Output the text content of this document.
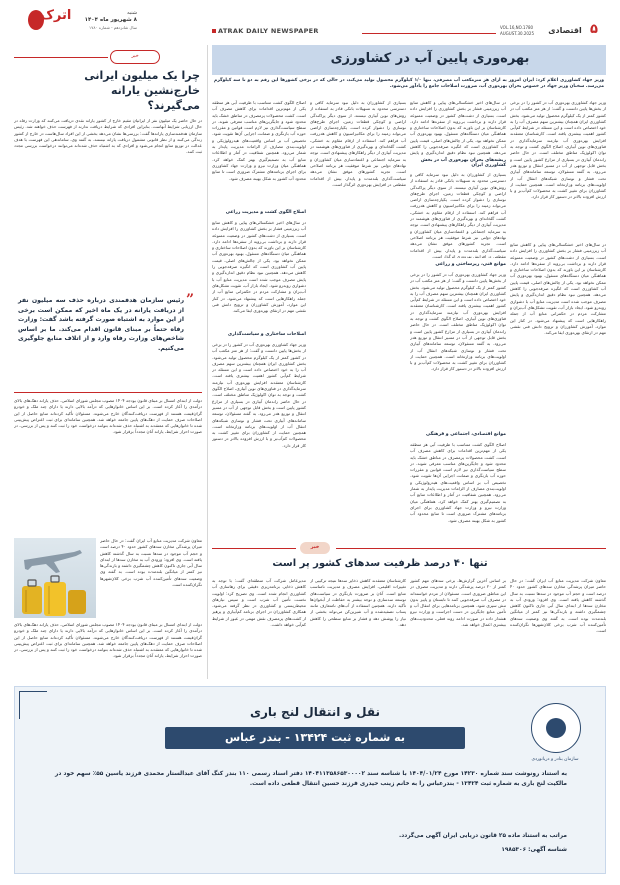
۵
اقتصادی
VOL.16,NO.1780
AUGUST.30.2025
ATRAK DAILY NEWSPAPER
اترک	شنبه
۸ شهریور ماه ۱۴۰۴
سال شانزدهم - شماره ۱۷۸۰
بهره‌وری پایین آب در کشاورزی
وزیر جهاد کشاورزی اعلام کرد: ایران امروز به ازای هر مترمکعب آب مصرفی، تنها ۱/۰ کیلوگرم محصول تولید می‌کند، در حالی که در برخی کشورها این رقم به دو تا سه کیلوگرم می‌رسد. سخنان وزیر جهاد در خصوص بحران بهره‌وری آب، ضرورت اصلاحات جامع را یادآور می‌شود.
وزیر جهاد کشاورزی بهره‌وری آب در کشور را در برخی از بخش‌ها پایین دانست و گفت: از هر متر مکعب آب در کشور کمتر از یک کیلوگرم محصول تولید می‌شود. بخش کشاورزی ایران همچنان بیشترین سهم مصرف آب را به خود اختصاص داده است و این مسئله در شرایط کم‌آبی کشور اهمیت بیشتری یافته است. کارشناسان معتقدند افزایش بهره‌وری آب نیازمند سرمایه‌گذاری در فناوری‌های نوین آبیاری، اصلاح الگوی کشت و توجه به توان اکولوژیک مناطق مختلف است. در حال حاضر راندمان آبیاری در بسیاری از مزارع کشور پایین است و بخش قابل توجهی از آب در مسیر انتقال و توزیع هدر می‌رود. به گفته مسئولان، توسعه سامانه‌های آبیاری تحت فشار و نوسازی شبکه‌های انتقال آب از اولویت‌های برنامه وزارتخانه است. همچنین حمایت از کشاورزان برای تغییر کشت به محصولات کم‌آب‌بر و با ارزش افزوده بالاتر در دستور کار قرار دارد.
در سال‌های اخیر خشکسالی‌های پیاپی و کاهش منابع آب زیرزمینی فشار بر بخش کشاورزی را افزایش داده است. بسیاری از دشت‌های کشور در وضعیت ممنوعه قرار دارند و برداشت بی‌رویه از سفره‌ها ادامه دارد. کارشناسان بر این باورند که بدون اصلاحات ساختاری و هماهنگی میان دستگاه‌های مسئول، بهبود بهره‌وری آب ممکن نخواهد بود. یکی از چالش‌های اصلی، قیمت پایین آب کشاورزی است که انگیزه صرفه‌جویی را کاهش می‌دهد. همچنین نبود نظام دقیق اندازه‌گیری و پایش مصرف موجب شده است مدیریت منابع آب با دشواری روبه‌رو شود. ایجاد بازار آب، تقویت تشکل‌های آب‌بران و مشارکت مردم در حکمرانی منابع آب از جمله راهکارهایی است که پیشنهاد می‌شود. در کنار این موارد، آموزش کشاورزان و ترویج دانش فنی نقشی مهم در ارتقای بهره‌وری ایفا می‌کند.
در سال‌های اخیر خشکسالی‌های پیاپی و کاهش منابع آب زیرزمینی فشار بر بخش کشاورزی را افزایش داده است. بسیاری از دشت‌های کشور در وضعیت ممنوعه قرار دارند و برداشت بی‌رویه از سفره‌ها ادامه دارد. کارشناسان بر این باورند که بدون اصلاحات ساختاری و هماهنگی میان دستگاه‌های مسئول، بهبود بهره‌وری آب ممکن نخواهد بود. یکی از چالش‌های اصلی، قیمت پایین آب کشاورزی است که انگیزه صرفه‌جویی را کاهش می‌دهد. همچنین نبود نظام دقیق اندازه‌گیری و پایش
ریشه‌های بحران بهره‌وری آب در بخش کشاورزی ایران
بسیاری از کشاورزان به دلیل نبود سرمایه کافی و دسترسی محدود به تسهیلات بانکی قادر به استفاده از روش‌های نوین آبیاری نیستند. از سوی دیگر پراکندگی اراضی و کوچکی قطعات زمین، اجرای طرح‌های نوسازی را دشوار کرده است. یکپارچه‌سازی اراضی می‌تواند زمینه را برای مکانیزاسیون و کاهش هدررفت آب فراهم کند. استفاده از ارقام مقاوم به خشکی، کشت گلخانه‌ای و بهره‌گیری از فناوری‌های هوشمند در مدیریت آبیاری از دیگر راهکارهای پیشنهادی است. توجه به سرمایه اجتماعی و اعتمادسازی میان کشاورزان و نهادهای دولتی نیز شرط موفقیت هر برنامه اصلاحی است. تجربه کشورهای موفق نشان می‌دهد سیاست‌گذاری بلندمدت و پایدار، بیش از اقدامات مقطعی در افزایش بهره‌وری اثرگذار است.
موانع فنی، زیرساختی و زراعی
وزیر جهاد کشاورزی بهره‌وری آب در کشور را در برخی از بخش‌ها پایین دانست و گفت: از هر متر مکعب آب در کشور کمتر از یک کیلوگرم محصول تولید می‌شود. بخش کشاورزی ایران همچنان بیشترین سهم مصرف آب را به خود اختصاص داده است و این مسئله در شرایط کم‌آبی کشور اهمیت بیشتری یافته است. کارشناسان معتقدند افزایش بهره‌وری آب نیازمند سرمایه‌گذاری در فناوری‌های نوین آبیاری، اصلاح الگوی کشت و توجه به توان اکولوژیک مناطق مختلف است. در حال حاضر راندمان آبیاری در بسیاری از مزارع کشور پایین است و بخش قابل توجهی از آب در مسیر انتقال و توزیع هدر می‌رود. به گفته مسئولان، توسعه سامانه‌های آبیاری تحت فشار و نوسازی شبکه‌های انتقال آب از اولویت‌های برنامه وزارتخانه است. همچنین حمایت از کشاورزان برای تغییر کشت به محصولات کم‌آب‌بر و با ارزش افزوده بالاتر در دستور کار قرار دارد.
موانع اقتصادی، اجتماعی و فرهنگی
اصلاح الگوی کشت متناسب با ظرفیت آبی هر منطقه یکی از مهم‌ترین اقدامات برای کاهش مصرف آب است. کشت محصولات پرمصرف در مناطق خشک باید محدود شود و جایگزین‌های مناسب معرفی شوند. در سطح سیاست‌گذاری نیز لازم است قوانین و مقررات حوزه آب بازنگری و ضمانت اجرایی آن‌ها تقویت شود. تخصیص آب بر اساس واقعیت‌های هیدرولوژیکی و اولویت‌بندی مصارف از الزامات مدیریت پایدار به شمار می‌رود. همچنین شفافیت در آمار و اطلاعات منابع آب به تصمیم‌گیری بهتر کمک خواهد کرد. هماهنگی میان وزارت نیرو و وزارت جهاد کشاورزی برای اجرای برنامه‌های مشترک ضروری است تا منابع محدود آب کشور به شکل بهینه مصرف شود.
بسیاری از کشاورزان به دلیل نبود سرمایه کافی و دسترسی محدود به تسهیلات بانکی قادر به استفاده از روش‌های نوین آبیاری نیستند. از سوی دیگر پراکندگی اراضی و کوچکی قطعات زمین، اجرای طرح‌های نوسازی را دشوار کرده است. یکپارچه‌سازی اراضی می‌تواند زمینه را برای مکانیزاسیون و کاهش هدررفت آب فراهم کند. استفاده از ارقام مقاوم به خشکی، کشت گلخانه‌ای و بهره‌گیری از فناوری‌های هوشمند در مدیریت آبیاری از دیگر راهکارهای پیشنهادی است. توجه به سرمایه اجتماعی و اعتمادسازی میان کشاورزان و نهادهای دولتی نیز شرط موفقیت هر برنامه اصلاحی است. تجربه کشورهای موفق نشان می‌دهد سیاست‌گذاری بلندمدت و پایدار، بیش از اقدامات مقطعی در افزایش بهره‌وری اثرگذار است.
اصلاح الگوی کشت متناسب با ظرفیت آبی هر منطقه یکی از مهم‌ترین اقدامات برای کاهش مصرف آب است. کشت محصولات پرمصرف در مناطق خشک باید محدود شود و جایگزین‌های مناسب معرفی شوند. در سطح سیاست‌گذاری نیز لازم است قوانین و مقررات حوزه آب بازنگری و ضمانت اجرایی آن‌ها تقویت شود. تخصیص آب بر اساس واقعیت‌های هیدرولوژیکی و اولویت‌بندی مصارف از الزامات مدیریت پایدار به شمار می‌رود. همچنین شفافیت در آمار و اطلاعات منابع آب به تصمیم‌گیری بهتر کمک خواهد کرد. هماهنگی میان وزارت نیرو و وزارت جهاد کشاورزی برای اجرای برنامه‌های مشترک ضروری است تا منابع محدود آب کشور به شکل بهینه مصرف شود.
اصلاح الگوی کشت و مدیریت زراعی
در سال‌های اخیر خشکسالی‌های پیاپی و کاهش منابع آب زیرزمینی فشار بر بخش کشاورزی را افزایش داده است. بسیاری از دشت‌های کشور در وضعیت ممنوعه قرار دارند و برداشت بی‌رویه از سفره‌ها ادامه دارد. کارشناسان بر این باورند که بدون اصلاحات ساختاری و هماهنگی میان دستگاه‌های مسئول، بهبود بهره‌وری آب ممکن نخواهد بود. یکی از چالش‌های اصلی، قیمت پایین آب کشاورزی است که انگیزه صرفه‌جویی را کاهش می‌دهد. همچنین نبود نظام دقیق اندازه‌گیری و پایش مصرف موجب شده است مدیریت منابع آب با دشواری روبه‌رو شود. ایجاد بازار آب، تقویت تشکل‌های آب‌بران و مشارکت مردم در حکمرانی منابع آب از جمله راهکارهایی است که پیشنهاد می‌شود. در کنار این موارد، آموزش کشاورزان و ترویج دانش فنی نقشی مهم در ارتقای بهره‌وری ایفا می‌کند.
اصلاحات ساختاری و سیاست‌گذاری
وزیر جهاد کشاورزی بهره‌وری آب در کشور را در برخی از بخش‌ها پایین دانست و گفت: از هر متر مکعب آب در کشور کمتر از یک کیلوگرم محصول تولید می‌شود. بخش کشاورزی ایران همچنان بیشترین سهم مصرف آب را به خود اختصاص داده است و این مسئله در شرایط کم‌آبی کشور اهمیت بیشتری یافته است. کارشناسان معتقدند افزایش بهره‌وری آب نیازمند سرمایه‌گذاری در فناوری‌های نوین آبیاری، اصلاح الگوی کشت و توجه به توان اکولوژیک مناطق مختلف است. در حال حاضر راندمان آبیاری در بسیاری از مزارع کشور پایین است و بخش قابل توجهی از آب در مسیر انتقال و توزیع هدر می‌رود. به گفته مسئولان، توسعه سامانه‌های آبیاری تحت فشار و نوسازی شبکه‌های انتقال آب از اولویت‌های برنامه وزارتخانه است. همچنین حمایت از کشاورزان برای تغییر کشت به محصولات کم‌آب‌بر و با ارزش افزوده بالاتر در دستور کار قرار دارد.
خبر
چرا یک میلیون ایرانی خارج‌نشین یارانه می‌گیرند؟
در حال حاضر یک میلیون نفر از ایرانیان مقیم خارج از کشور یارانه نقدی دریافت می‌کنند که وزارت رفاه در حال ارزیابی شرایط آنهاست. بنابراین افرادی که شرایط دریافت ندارند از فهرست حذف خواهند شد. رئیس سازمان هدفمندسازی یارانه‌ها گفت: بررسی‌ها نشان می‌دهد بخشی از این افراد سال‌هاست در خارج از کشور زندگی می‌کنند و از نظر قانونی مشمول دریافت یارانه نیستند. به گفته وی، ساماندهی این فهرست با هدف عدالت در توزیع منابع انجام می‌شود و افرادی که به اشتباه حذف شده‌اند می‌توانند درخواست بررسی مجدد ثبت کنند.
”
رئیس سازمان هدفمندی درباره حذف سه میلیون نفر از دریافت یارانه در یک ماه اخیر که ممکن است برخی از این موارد به اشتباه صورت گرفته باشد گفت: وزارت رفاه حتماً بر مبنای قانون اقدام می‌کند. ما بر اساس شاخص‌های وزارت رفاه وارد و از اتلاف منابع جلوگیری می‌کنیم.
دولت از ابتدای امسال بر مبنای قانون بودجه ۱۴۰۴ مصوب مجلس شورای اسلامی، حذف یارانه دهک‌های بالای درآمدی را آغاز کرده است. بر این اساس خانوارهایی که درآمد بالایی دارند یا دارای چند ملک و خودرو گران‌قیمت هستند از فهرست دریافت‌کنندگان خارج می‌شوند. مسئولان تأکید کرده‌اند منابع حاصل از این اصلاحات صرف حمایت از دهک‌های پایین جامعه خواهد شد. همچنین سامانه‌ای برای ثبت اعتراض پیش‌بینی شده تا خانوارهایی که معتقدند به اشتباه حذف شده‌اند بتوانند درخواست خود را ثبت کنند و پس از بررسی، در صورت احراز شرایط، یارانه آنان مجدداً برقرار شود.
معاون شرکت مدیریت منابع آب ایران گفت: در حال حاضر میزان پرشدگی مخازن سدهای کشور حدود ۴۰ درصد است و حجم آب موجود در سدها نسبت به سال گذشته کاهش یافته است. وی افزود: ورودی آب به مخازن سدها از ابتدای سال آبی جاری تاکنون کاهش چشمگیری داشته و بارندگی‌ها نیز کمتر از میانگین بلندمدت بوده است. به گفته وی وضعیت سدهای تأمین‌کننده آب شرب برخی کلان‌شهرها نگران‌کننده است.
خبر
تنها ۴۰ درصد ظرفیت سدهای کشور پر است
معاون شرکت مدیریت منابع آب ایران گفت: در حال حاضر میزان پرشدگی مخازن سدهای کشور حدود ۴۰ درصد است و حجم آب موجود در سدها نسبت به سال گذشته کاهش یافته است. وی افزود: ورودی آب به مخازن سدها از ابتدای سال آبی جاری تاکنون کاهش چشمگیری داشته و بارندگی‌ها نیز کمتر از میانگین بلندمدت بوده است. به گفته وی وضعیت سدهای تأمین‌کننده آب شرب برخی کلان‌شهرها نگران‌کننده است.
بر اساس آخرین گزارش‌ها، برخی سدهای مهم کشور کمتر از ۲۰ درصد پرشدگی دارند و مدیریت مصرف در این مناطق ضروری است. مسئولان از مردم خواسته‌اند در مصرف آب صرفه‌جویی کنند تا تابستان و پاییز بدون تنش سپری شود. همچنین برنامه‌هایی برای انتقال آب و تأمین منابع جایگزین در دست اجراست و وزارت نیرو هشدار داده در صورت ادامه روند فعلی، محدودیت‌های بیشتری اعمال خواهد شد.
کارشناسان معتقدند کاهش ذخایر سدها نتیجه ترکیبی از تغییرات اقلیمی، افزایش مصرف و مدیریت نامناسب منابع است. آنان بر ضرورت بازنگری در سیاست‌های توسعه سدسازی و توجه بیشتر به حفاظت از آبخوان‌ها تأکید دارند. همچنین استفاده از آب‌های نامتعارف مانند پساب تصفیه‌شده و آب شیرین‌کن می‌تواند بخشی از نیاز را پوشش دهد و فشار بر منابع سطحی را کاهش دهد.
مدیرعامل شرکت آب منطقه‌ای گفت: با توجه به کاهش ذخایر، برنامه‌ریزی دقیقی برای رهاسازی آب کشاورزی انجام شده است. وی تصریح کرد: اولویت نخست تأمین آب شرب است و سپس نیازهای محیط‌زیستی و کشاورزی در نظر گرفته می‌شود. همکاری کشاورزان در اجرای برنامه کم‌آبیاری و پرهیز از کشت‌های پرمصرف نقش مهمی در عبور از شرایط کم‌آبی خواهد داشت.
دولت از ابتدای امسال بر مبنای قانون بودجه ۱۴۰۴ مصوب مجلس شورای اسلامی، حذف یارانه دهک‌های بالای درآمدی را آغاز کرده است. بر این اساس خانوارهایی که درآمد بالایی دارند یا دارای چند ملک و خودرو گران‌قیمت هستند از فهرست دریافت‌کنندگان خارج می‌شوند. مسئولان تأکید کرده‌اند منابع حاصل از این اصلاحات صرف حمایت از دهک‌های پایین جامعه خواهد شد. همچنین سامانه‌ای برای ثبت اعتراض پیش‌بینی شده تا خانوارهایی که معتقدند به اشتباه حذف شده‌اند بتوانند درخواست خود را ثبت کنند و پس از بررسی، در صورت احراز شرایط، یارانه آنان مجدداً برقرار شود.
سازمان بنادر و دریانوردی
نقل و انتقال لنج باری
به شماره ثبت ۱۳۴۲۴ - بندر عباس
به استناد رونوشت سند شماره ۱۴۲۳۰ مورخ ۱۴۰۴/۰۱/۲۴ با شناسه سند ۱۴۰۴۱۱۳۵۸۶۵۳۰۰۰۰۲ دفتر اسناد رسمی ۱۱۰ بندر کنگ آقای عبدالستار محمدی فرزند یاسین ۵۵٪ سهم خود در مالکیت لنج باری به شماره ثبت ۱۳۴۲۴ - بندرعباس را به خانم زینب حیدری فرزند حسین انتقال قطعی داده است.
مراتب به استناد ماده ۲۵ قانون دریایی ایران آگهی می‌گردد.
شناسه آگهی: ۱۹۸۵۳۰۶
